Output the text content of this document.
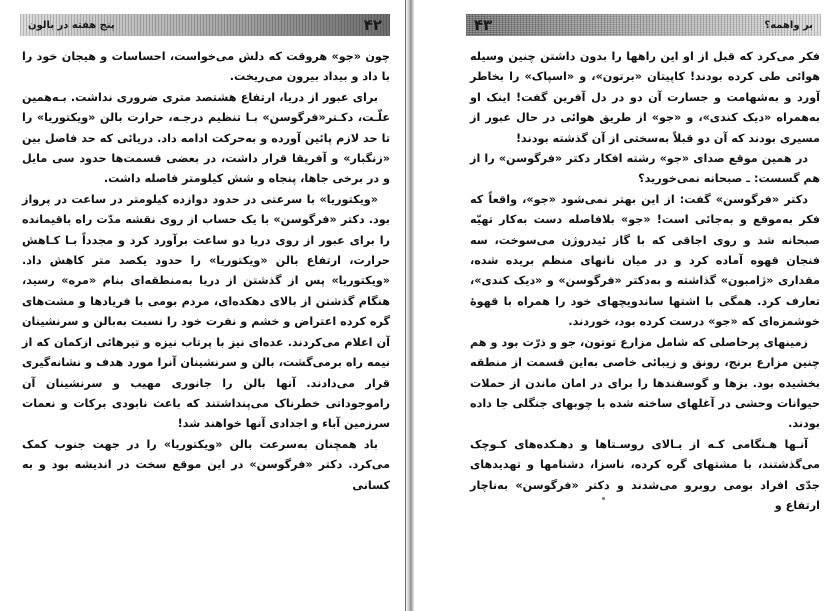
۴۲
پنج هفته در بالون

چون «جو» هروقت که دلش می‌خواست، احساسات و هیجان خود را با داد و بیداد بیرون می‌ریخت.

برای عبور از دریا، ارتفاع هشتصد متری ضروری نداشت. بـه‌همین علّـت، دکـتر«فرگوسن» بـا تنظیم درجـه، حرارت بالن «ویکتوریا» را تا حد لازم پائین آورده و به‌حرکت ادامه داد. دریائی که حد فاصل بین «زنگبار» و آفریقا قرار داشت، در بعضی قسمت‌ها حدود سی مایل و در برخی جاها، پنجاه و شش کیلومتر فاصله داشت.

«ویکتوریا» با سرعتی در حدود دوازده کیلومتر در ساعت در پرواز بود. دکتر «فرگوسن» با یک حساب از روی نقشه مدّت راه باقیمانده را برای عبور از روی دریا دو ساعت برآورد کرد و مجدداً بـا کـاهش حرارت، ارتفاع بالن «ویکتوریا» را حدود یکصد متر کاهش داد. «ویکتوریا» پس از گذشتن از دریا به‌منطقه‌ای بنام «مره» رسید، هنگام گذشتن از بالای دهکده‌ای، مردم بومی با فریادها و مشت‌های گره کرده اعتراض و خشم و نفرت خود را نسبت به‌بالن و سرنشینان آن اعلام می‌کردند. عده‌ای نیز با پرتاب نیزه و تیرهائی ازکمان که از نیمه راه برمی‌گشت، بالن و سرنشینان آنرا مورد هدف و نشانه‌گیری قرار می‌دادند. آنها بالن را جانوری مهیب و سرنشینان آن راموجوداتی خطرناک می‌پنداشتند که باعث نابودی برکات و نعمات سرزمین آباء و اجدادی آنها خواهند شد!

باد همچنان به‌سرعت بالن «ویکتوریا» را در جهت جنوب کمک می‌کرد. دکتر «فرگوسن» در این موقع سخت در اندیشه بود و به کسانی

بر واهمه؟
۴۳

فکر می‌کرد که قبل از او این راهها را بدون داشتن چنین وسیله هوائی طی کرده بودند! کاپیتان «برتون»، و «اسپاک» را بخاطر آورد و به‌شهامت و جسارت آن دو در دل آفرین گفت! اینک او به‌همراه «دیک کندی»، و «جو» از طریق هوائی در حال عبور از مسیری بودند که آن دو قبلاً به‌سختی از آن گذشته بودند!

در همین موقع صدای «جو» رشته افکار دکتر «فرگوسن» را از هم گسست: ـ صبحانه نمی‌خورید؟

دکتر «فرگوسن» گفت: از این بهتر نمی‌شود «جو»، واقعاً که فکر به‌موقع و به‌جائی است! «جو» بلافاصله دست به‌کار تهیّه صبحانه شد و روی اجاقی که با گاز ئیدروژن می‌سوخت، سه فنجان قهوه آماده کرد و در میان نانهای منظم بریده شده، مقداری «ژامبون» گذاشته و به‌دکتر «فرگوسن» و «دیک کندی»، تعارف کرد. همگی با اشتها ساندویچهای خود را همراه با قهوهٔ خوشمزه‌ای که «جو» درست کرده بود، خوردند.

زمینهای پرحاصلی که شامل مزارع توتون، جو و ذرّت بود و هم چنین مزارع برنج، رونق و زیبائی خاصی به‌این قسمت از منطقه بخشیده بود. بزها و گوسفندها را برای در امان ماندن از حملات حیوانات وحشی در آغلهای ساخته شده با چوبهای جنگلی جا داده بودند.

آنـها هـنگامی کـه از بـالای روسـتاها و دهـکده‌های کـوچک می‌گذشتند، با مشتهای گره کرده، ناسزا، دشنامها و تهدیدهای جدّی افراد بومی روبرو می‌شدند و دکتر «فرگوسن» به‌ناچار ارتفاع و
